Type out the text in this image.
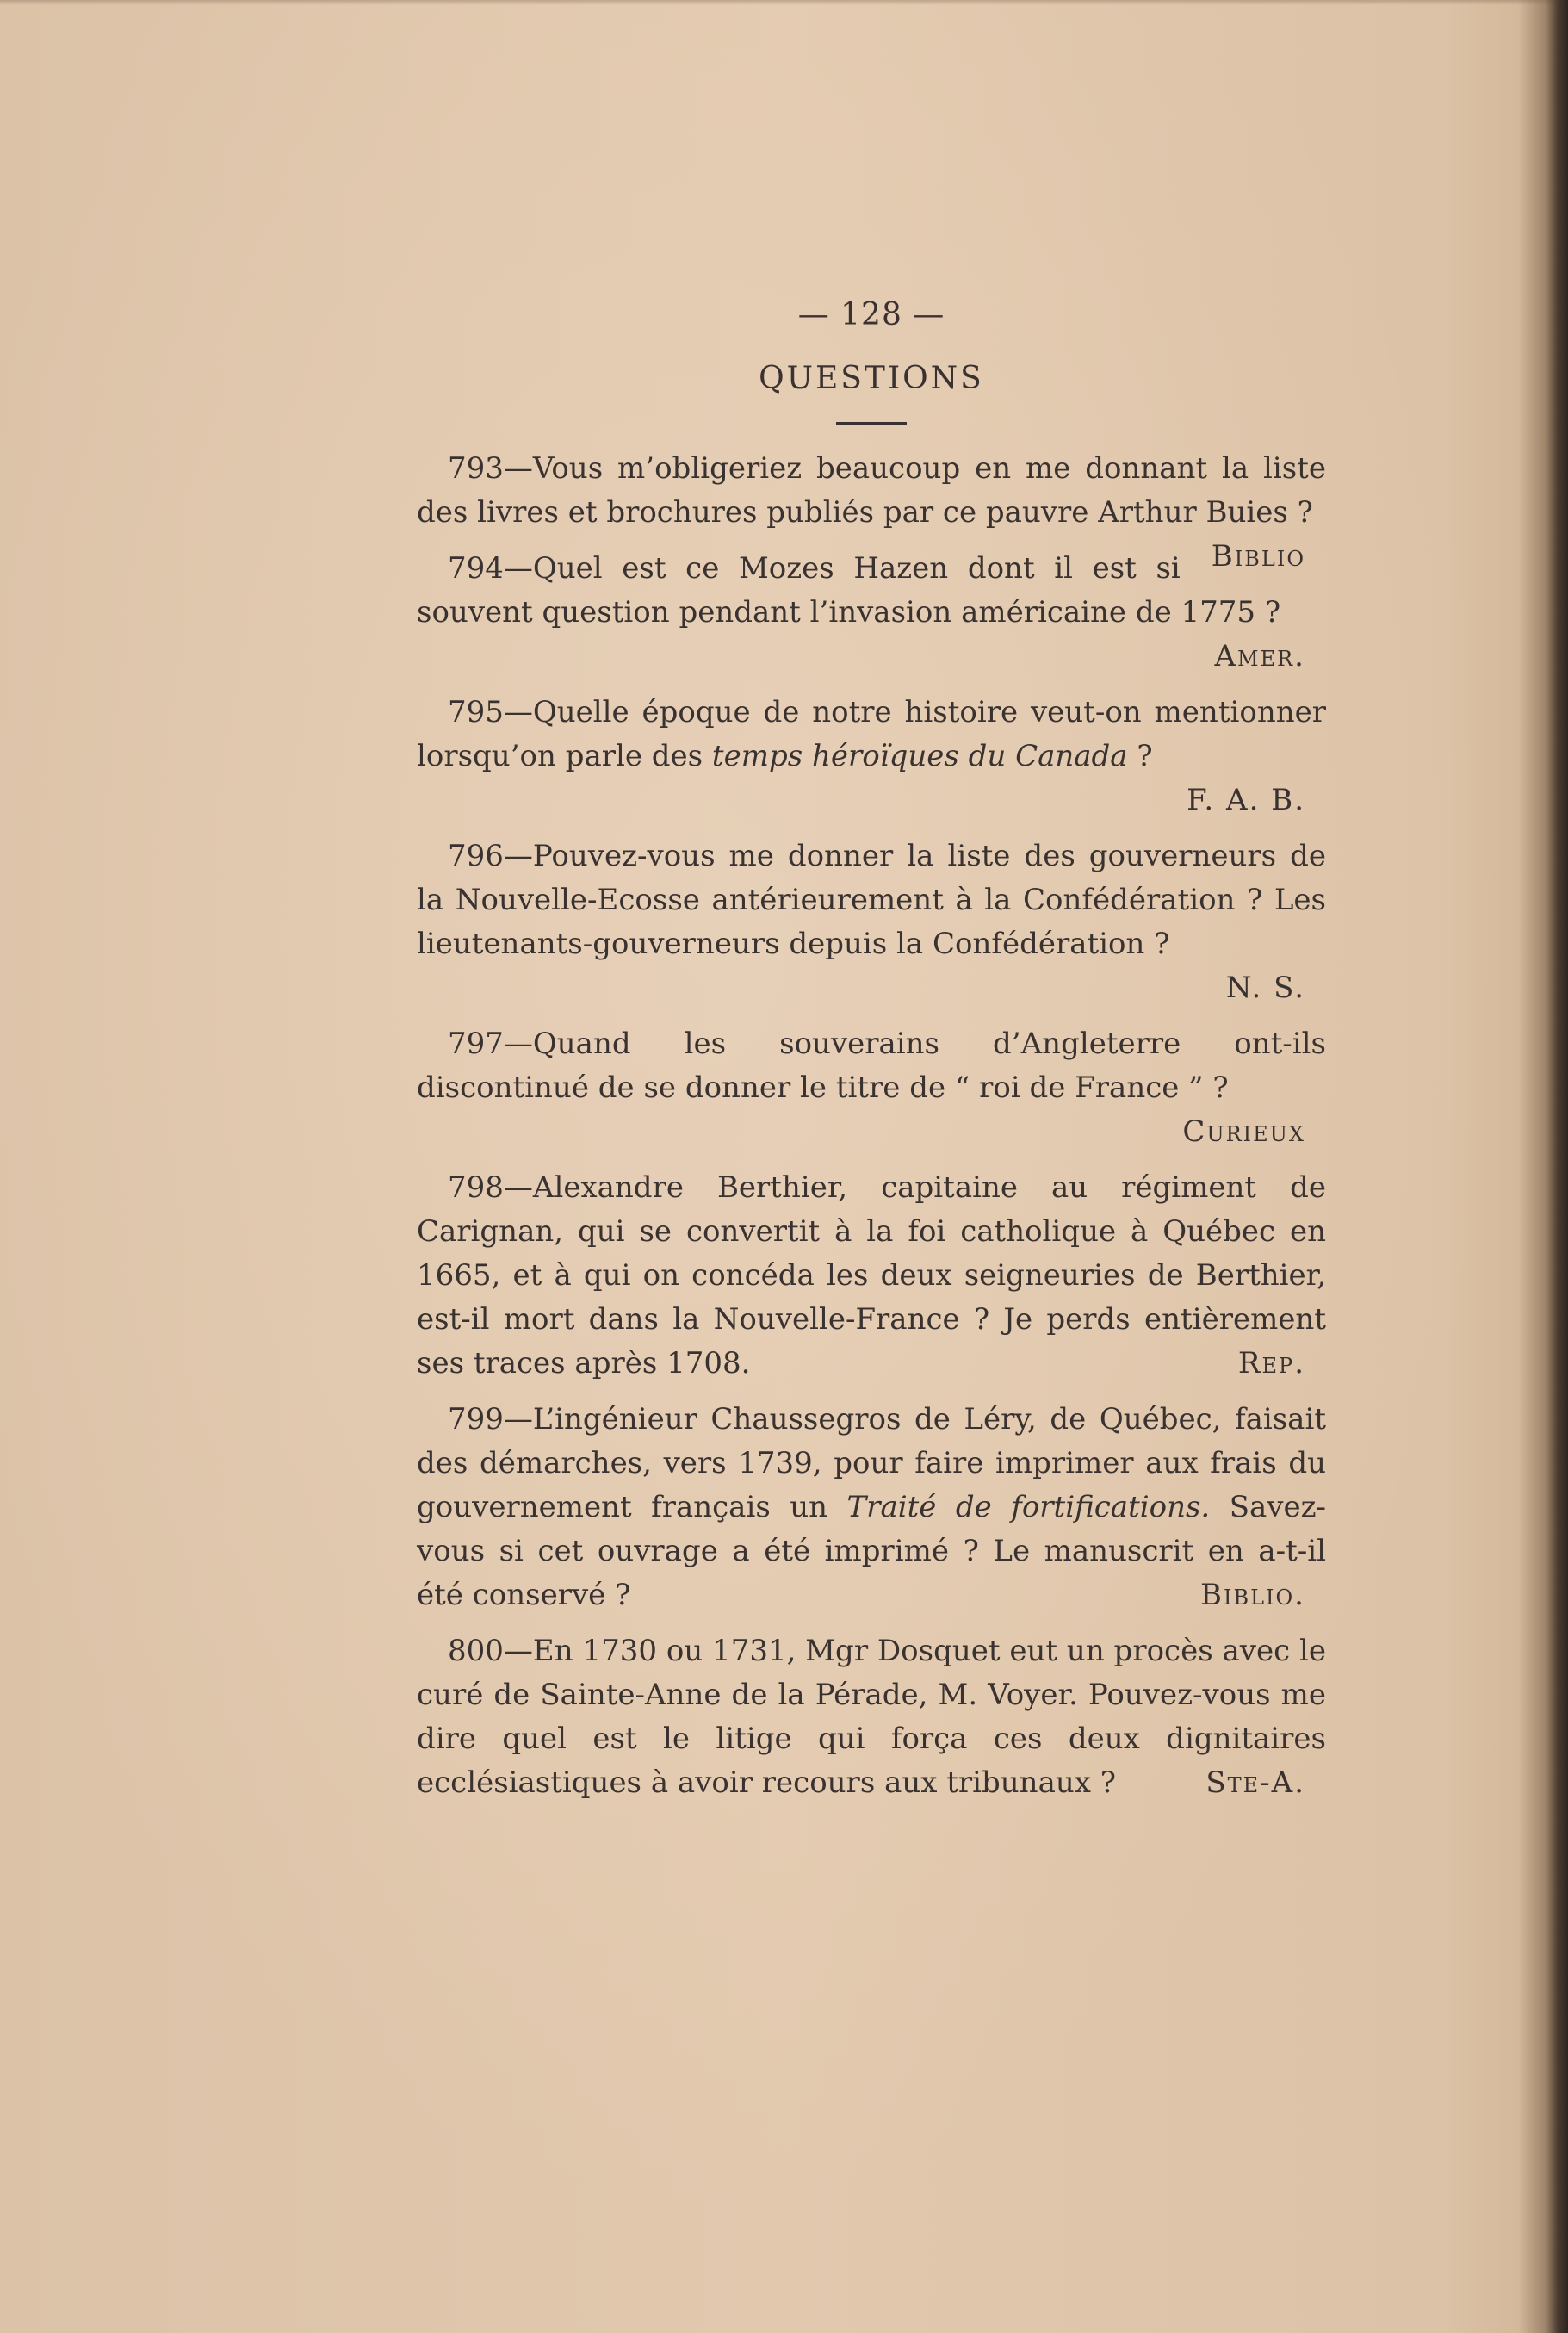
— 128 —

QUESTIONS

793—Vous m’obligeriez beaucoup en me donnant la liste des livres et brochures publiés par ce pauvre Arthur Buies ?
Biblio
794—Quel est ce Mozes Hazen dont il est si souvent question pendant l’invasion américaine de 1775 ?

Amer.

795—Quelle époque de notre histoire veut-on mentionner lorsqu’on parle des temps héroïques du Canada ?

F. A. B.

796—Pouvez-vous me donner la liste des gouverneurs de la Nouvelle-Ecosse antérieurement à la Confédération ? Les lieutenants-gouverneurs depuis la Confédération ?

N. S.

797—Quand les souverains d’Angleterre ont-ils discontinué de se donner le titre de “ roi de France ” ?

Curieux

798—Alexandre Berthier, capitaine au régiment de Carignan, qui se convertit à la foi catholique à Québec en 1665, et à qui on concéda les deux seigneuries de Berthier, est-il mort dans la Nouvelle-France ? Je perds entièrement ses traces après 1708.	Rep.
799—L’ingénieur Chaussegros de Léry, de Québec, faisait des démarches, vers 1739, pour faire imprimer aux frais du gouvernement français un Traité de fortifications. Savez-vous si cet ouvrage a été imprimé ? Le manuscrit en a-t-il été conservé ?	Biblio.
800—En 1730 ou 1731, Mgr Dosquet eut un procès avec le curé de Sainte-Anne de la Pérade, M. Voyer. Pouvez-vous me dire quel est le litige qui força ces deux dignitaires ecclésiastiques à avoir recours aux tribunaux ?	Ste-A.
